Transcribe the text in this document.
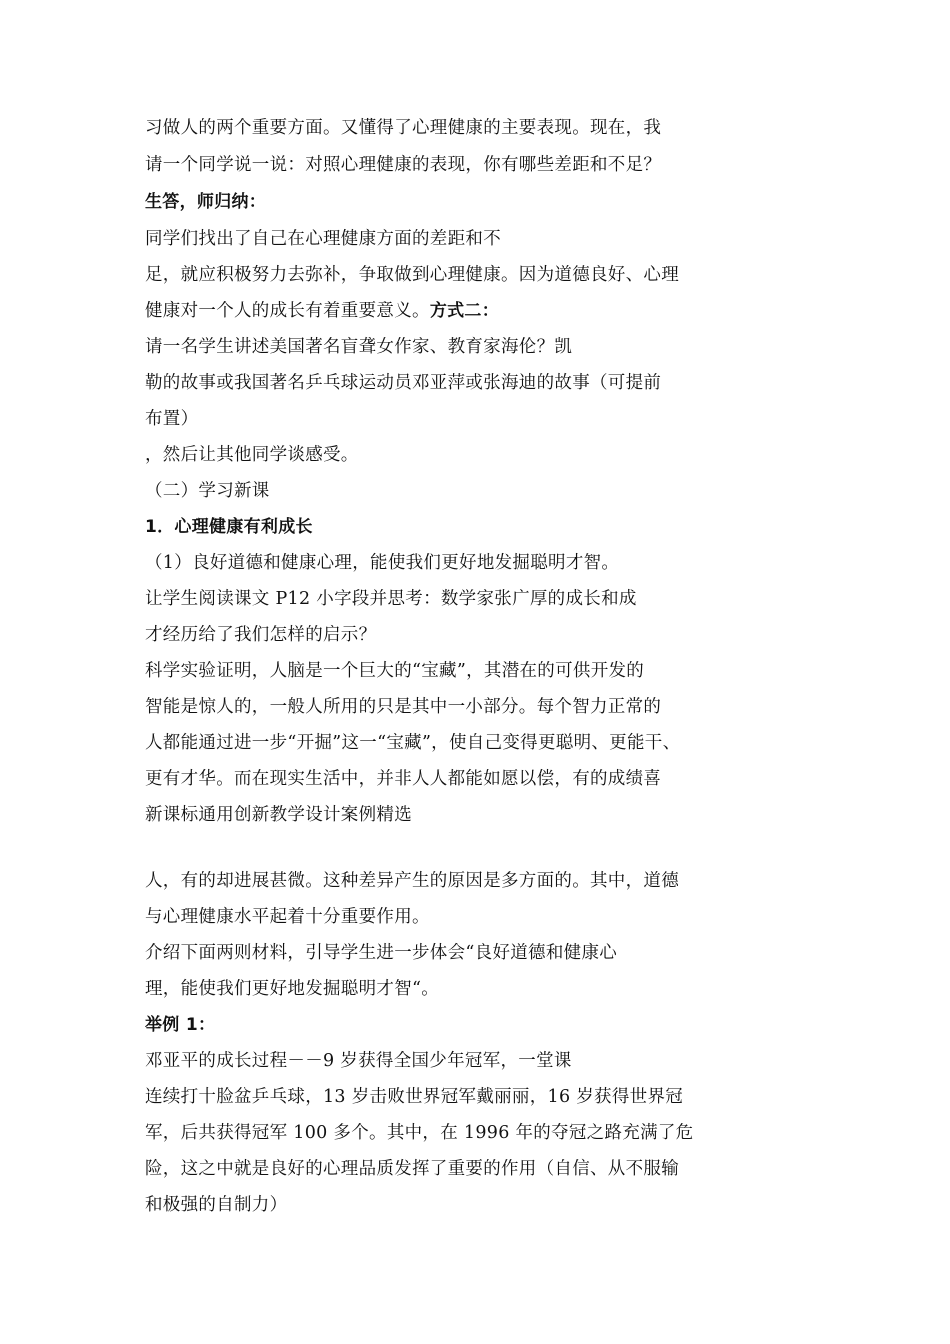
习做人的两个重要方面。又懂得了心理健康的主要表现。现在，我
请一个同学说一说：对照心理健康的表现，你有哪些差距和不足？
生答，师归纳：
同学们找出了自己在心理健康方面的差距和不
足，就应积极努力去弥补，争取做到心理健康。因为道德良好、心理
健康对一个人的成长有着重要意义。方式二：
请一名学生讲述美国著名盲聋女作家、教育家海伦？凯
勒的故事或我国著名乒乓球运动员邓亚萍或张海迪的故事（可提前
布置）
，然后让其他同学谈感受。
（二）学习新课
1．心理健康有利成长
（1）良好道德和健康心理，能使我们更好地发掘聪明才智。
让学生阅读课文 P12 小字段并思考：数学家张广厚的成长和成
才经历给了我们怎样的启示？
科学实验证明，人脑是一个巨大的“宝藏”，其潜在的可供开发的
智能是惊人的，一般人所用的只是其中一小部分。每个智力正常的
人都能通过进一步“开掘”这一“宝藏”，使自己变得更聪明、更能干、
更有才华。而在现实生活中，并非人人都能如愿以偿，有的成绩喜
新课标通用创新教学设计案例精选
人，有的却进展甚微。这种差异产生的原因是多方面的。其中，道德
与心理健康水平起着十分重要作用。
介绍下面两则材料，引导学生进一步体会“良好道德和健康心
理，能使我们更好地发掘聪明才智“。
举例 1：
邓亚平的成长过程－－9 岁获得全国少年冠军，一堂课
连续打十脸盆乒乓球，13 岁击败世界冠军戴丽丽，16 岁获得世界冠
军，后共获得冠军 100 多个。其中，在 1996 年的夺冠之路充满了危
险，这之中就是良好的心理品质发挥了重要的作用（自信、从不服输
和极强的自制力）
